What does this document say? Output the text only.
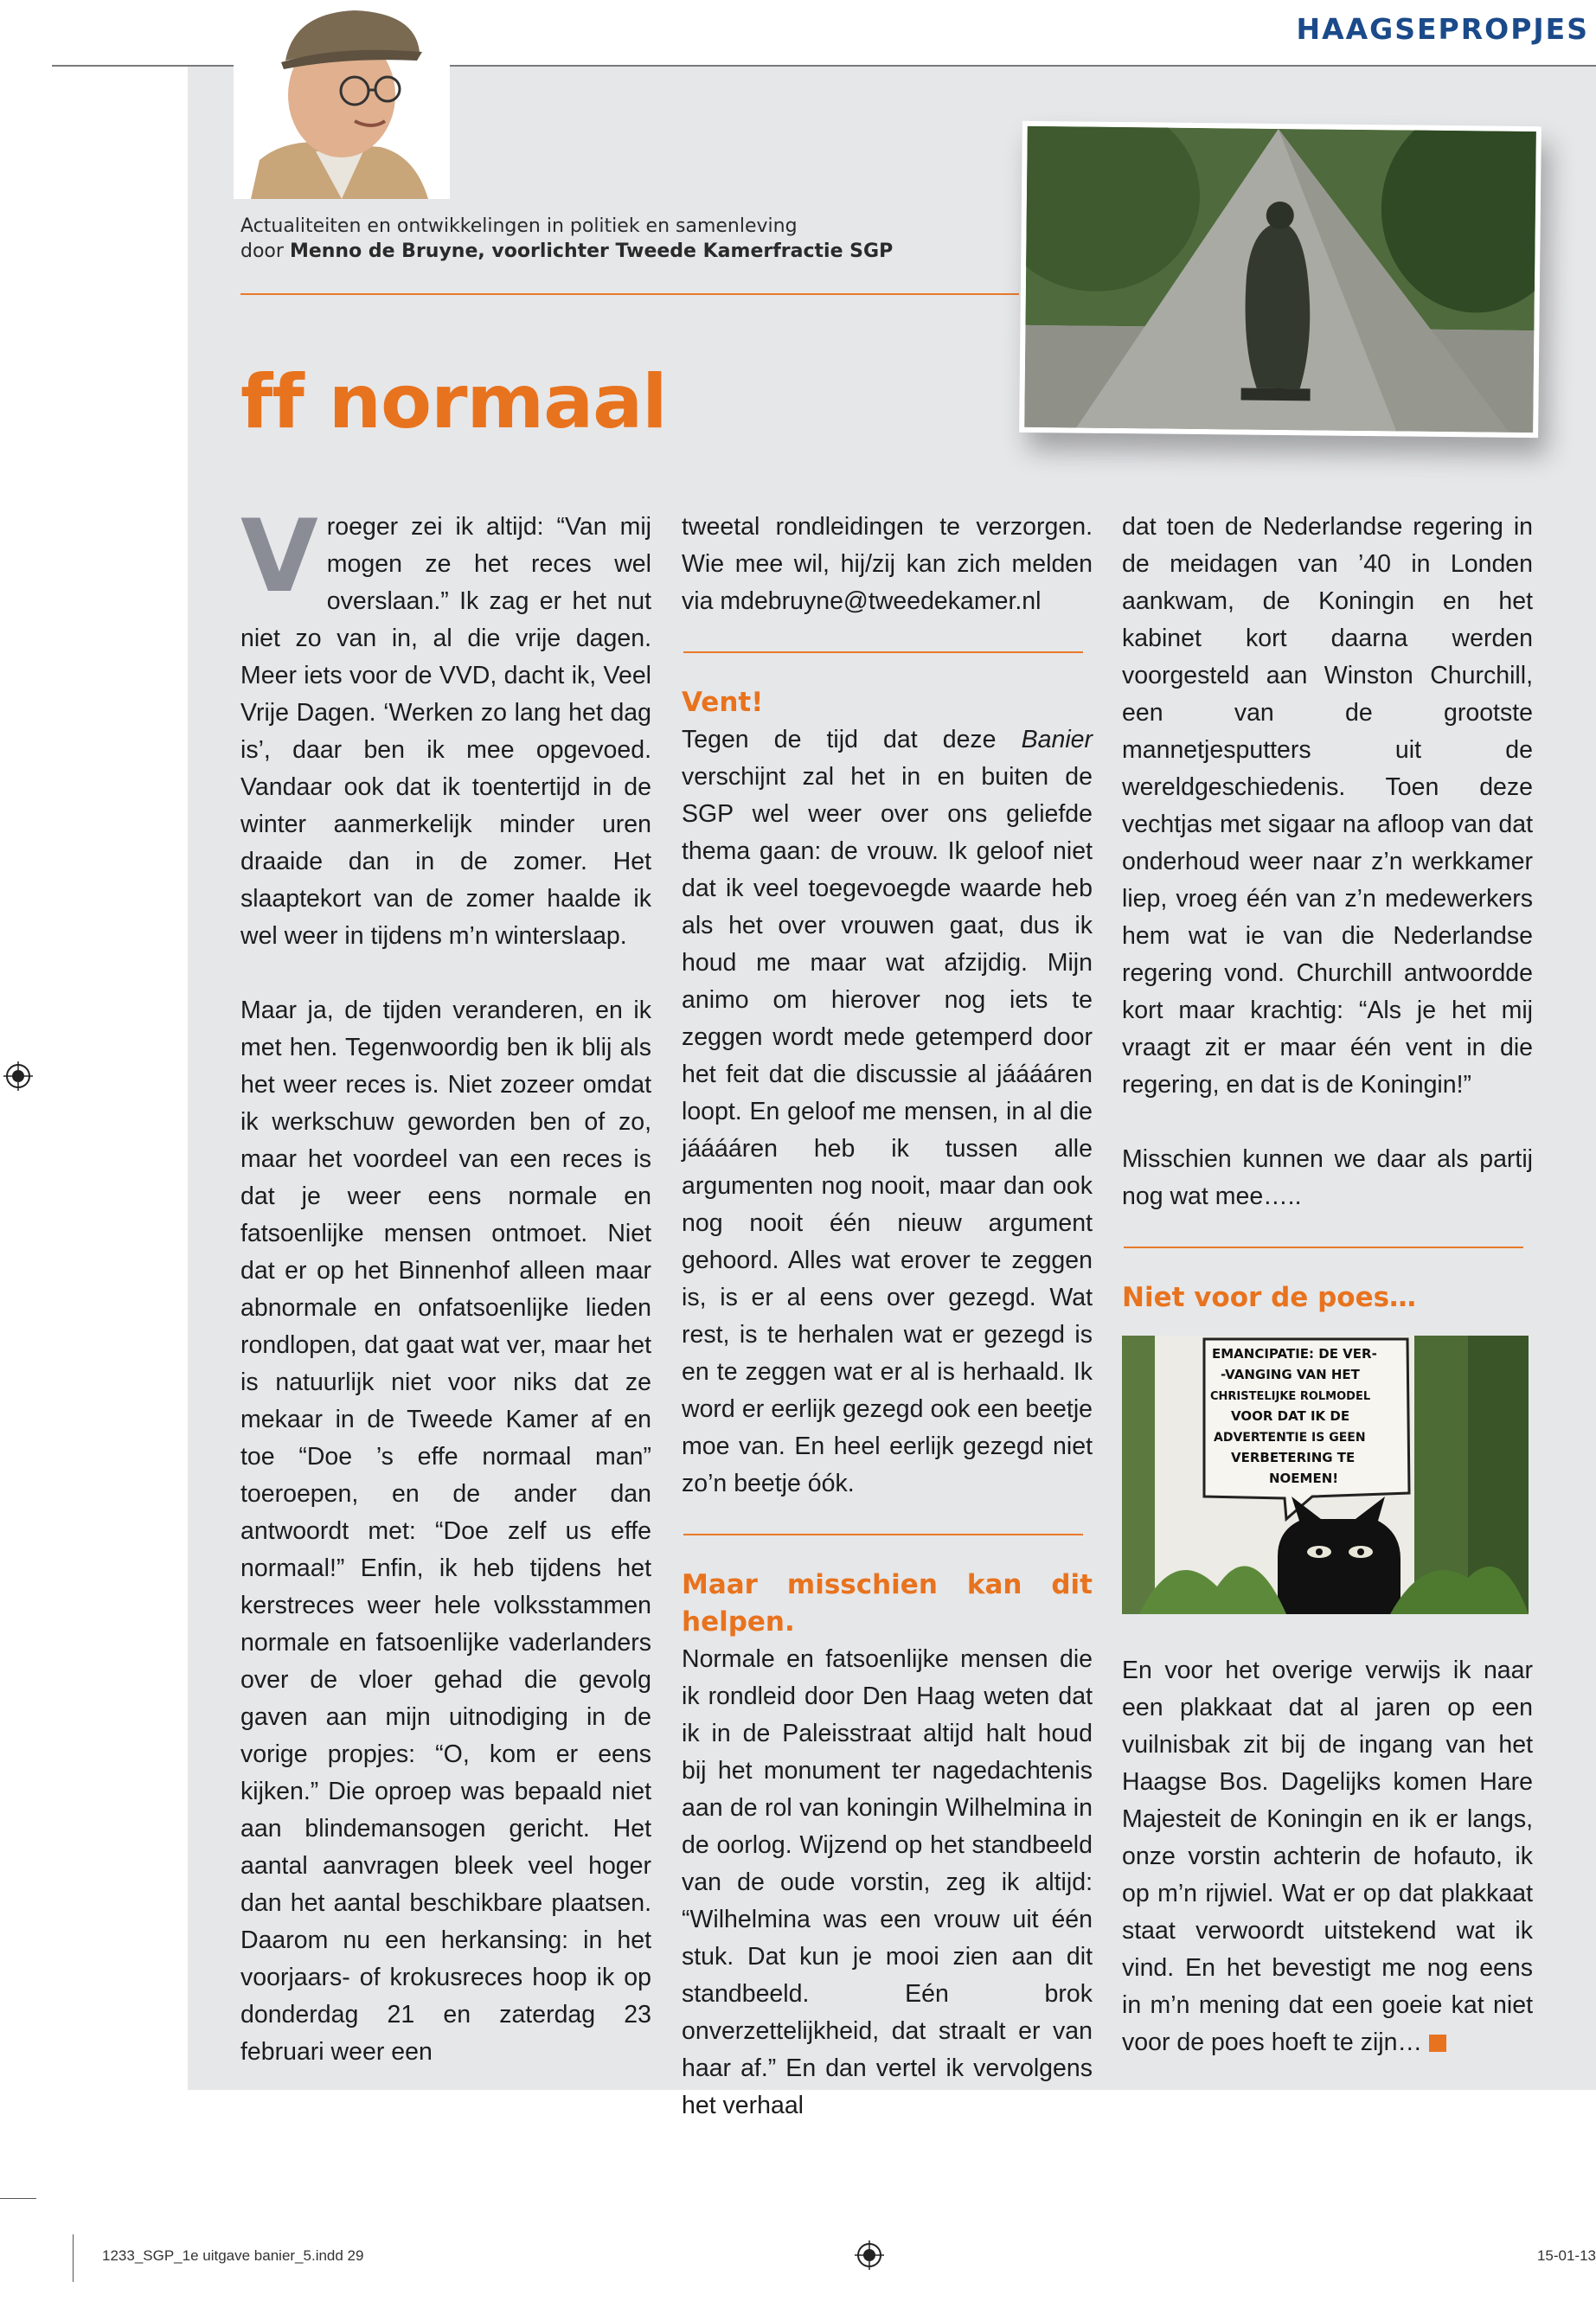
HAAGSEPROPJES
Actualiteiten en ontwikkelingen in politiek en samenleving
door Menno de Bruyne, voorlichter Tweede Kamerfractie SGP
ff normaal

Vroeger zei ik altijd: “Van mij mogen ze het reces wel overslaan.” Ik zag er het nut niet zo van in, al die vrije dagen. Meer iets voor de VVD, dacht ik, Veel Vrije Dagen. ‘Werken zo lang het dag is’, daar ben ik mee opgevoed. Vandaar ook dat ik toentertijd in de winter aanmerkelijk minder uren draaide dan in de zomer. Het slaaptekort van de zomer haalde ik wel weer in tijdens m’n winterslaap.

Maar ja, de tijden veranderen, en ik met hen. Tegenwoordig ben ik blij als het weer reces is. Niet zozeer omdat ik werkschuw geworden ben of zo, maar het voordeel van een reces is dat je weer eens normale en fatsoenlijke mensen ontmoet. Niet dat er op het Binnenhof alleen maar abnormale en onfatsoenlijke lieden rondlopen, dat gaat wat ver, maar het is natuurlijk niet voor niks dat ze mekaar in de Tweede Kamer af en toe “Doe ’s effe normaal man” toeroepen, en de ander dan antwoordt met: “Doe zelf us effe normaal!” Enfin, ik heb tijdens het kerstreces weer hele volksstammen normale en fatsoenlijke vaderlanders over de vloer gehad die gevolg gaven aan mijn uitnodiging in de vorige propjes: “O, kom er eens kijken.” Die oproep was bepaald niet aan blindemansogen gericht. Het aantal aanvragen bleek veel hoger dan het aantal beschikbare plaatsen. Daarom nu een herkansing: in het voorjaars- of krokusreces hoop ik op donderdag 21 en zaterdag 23 februari weer een

tweetal rondleidingen te verzorgen. Wie mee wil, hij/zij kan zich melden via mdebruyne@tweedekamer.nl

Vent!

Tegen de tijd dat deze Banier verschijnt zal het in en buiten de SGP wel weer over ons geliefde thema gaan: de vrouw. Ik geloof niet dat ik veel toegevoegde waarde heb als het over vrouwen gaat, dus ik houd me maar wat afzijdig. Mijn animo om hierover nog iets te zeggen wordt mede getemperd door het feit dat die discussie al jááááren loopt. En geloof me mensen, in al die jááááren heb ik tussen alle argumenten nog nooit, maar dan ook nog nooit één nieuw argument gehoord. Alles wat erover te zeggen is, is er al eens over gezegd. Wat rest, is te herhalen wat er gezegd is en te zeggen wat er al is herhaald. Ik word er eerlijk gezegd ook een beetje moe van. En heel eerlijk gezegd niet zo’n beetje óók.

Maar misschien kan dit helpen.

Normale en fatsoenlijke mensen die ik rondleid door Den Haag weten dat ik in de Paleisstraat altijd halt houd bij het monument ter nagedachtenis aan de rol van koningin Wilhelmina in de oorlog. Wijzend op het standbeeld van de oude vorstin, zeg ik altijd: “Wilhelmina was een vrouw uit één stuk. Dat kun je mooi zien aan dit standbeeld. Eén brok onverzettelijkheid, dat straalt er van haar af.” En dan vertel ik vervolgens het verhaal

dat toen de Nederlandse regering in de meidagen van ’40 in Londen aankwam, de Koningin en het kabinet kort daarna werden voorgesteld aan Winston Churchill, een van de grootste mannetjesputters uit de wereldgeschiedenis. Toen deze vechtjas met sigaar na afloop van dat onderhoud weer naar z’n werkkamer liep, vroeg één van z’n medewerkers hem wat ie van die Nederlandse regering vond. Churchill antwoordde kort maar krachtig: “Als je het mij vraagt zit er maar één vent in die regering, en dat is de Koningin!”

Misschien kunnen we daar als partij nog wat mee…..

Niet voor de poes…
EMANCIPATIE: DE VER-
-VANGING VAN HET
CHRISTELIJKE ROLMODEL
VOOR DAT IK DE
ADVERTENTIE IS GEEN
VERBETERING TE
NOEMEN!

En voor het overige verwijs ik naar een plakkaat dat al jaren op een vuilnisbak zit bij de ingang van het Haagse Bos. Dagelijks komen Hare Majesteit de Koningin en ik er langs, onze vorstin achterin de hofauto, ik op m’n rijwiel. Wat er op dat plakkaat staat verwoordt uitstekend wat ik vind. En het bevestigt me nog eens in m’n mening dat een goeie kat niet voor de poes hoeft te zijn…

1233_SGP_1e uitgave banier_5.indd 29	15-01-13
